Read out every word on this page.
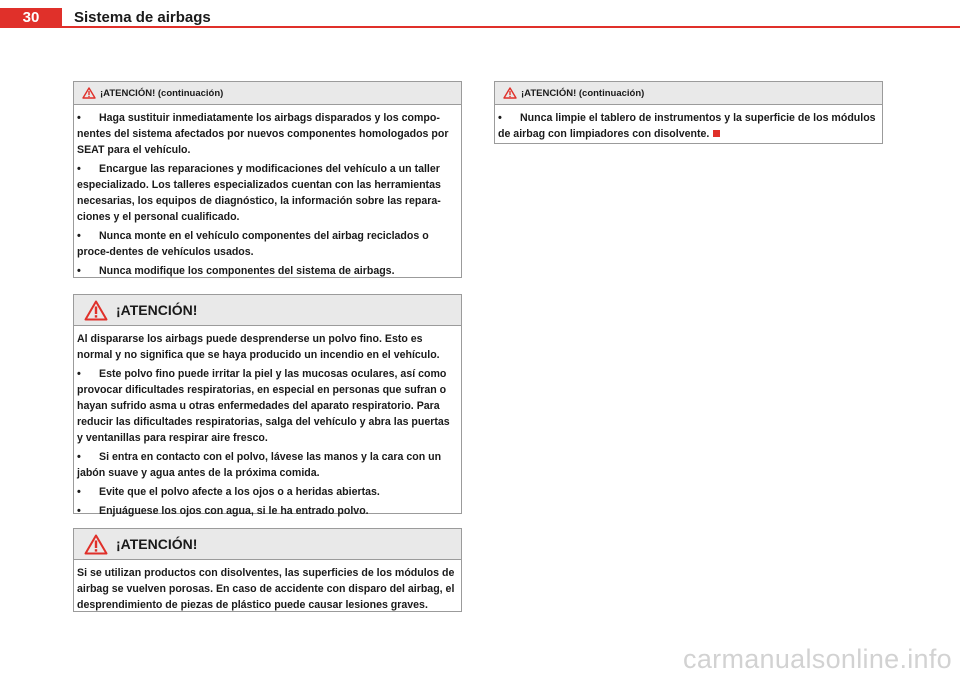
30	Sistema de airbags
¡ATENCIÓN! (continuación)
• Haga sustituir inmediatamente los airbags disparados y los compo-nentes del sistema afectados por nuevos componentes homologados por SEAT para el vehículo.
• Encargue las reparaciones y modificaciones del vehículo a un taller especializado. Los talleres especializados cuentan con las herramientas necesarias, los equipos de diagnóstico, la información sobre las repara-ciones y el personal cualificado.
• Nunca monte en el vehículo componentes del airbag reciclados o proce-dentes de vehículos usados.
• Nunca modifique los componentes del sistema de airbags.
¡ATENCIÓN!

Al dispararse los airbags puede desprenderse un polvo fino. Esto es normal y no significa que se haya producido un incendio en el vehículo.

• Este polvo fino puede irritar la piel y las mucosas oculares, así como provocar dificultades respiratorias, en especial en personas que sufran o hayan sufrido asma u otras enfermedades del aparato respiratorio. Para reducir las dificultades respiratorias, salga del vehículo y abra las puertas y ventanillas para respirar aire fresco.
• Si entra en contacto con el polvo, lávese las manos y la cara con un jabón suave y agua antes de la próxima comida.
• Evite que el polvo afecte a los ojos o a heridas abiertas.
• Enjuáguese los ojos con agua, si le ha entrado polvo.
¡ATENCIÓN!

Si se utilizan productos con disolventes, las superficies de los módulos de airbag se vuelven porosas. En caso de accidente con disparo del airbag, el desprendimiento de piezas de plástico puede causar lesiones graves.

¡ATENCIÓN! (continuación)
• Nunca limpie el tablero de instrumentos y la superficie de los módulos de airbag con limpiadores con disolvente.
carmanualsonline.info
